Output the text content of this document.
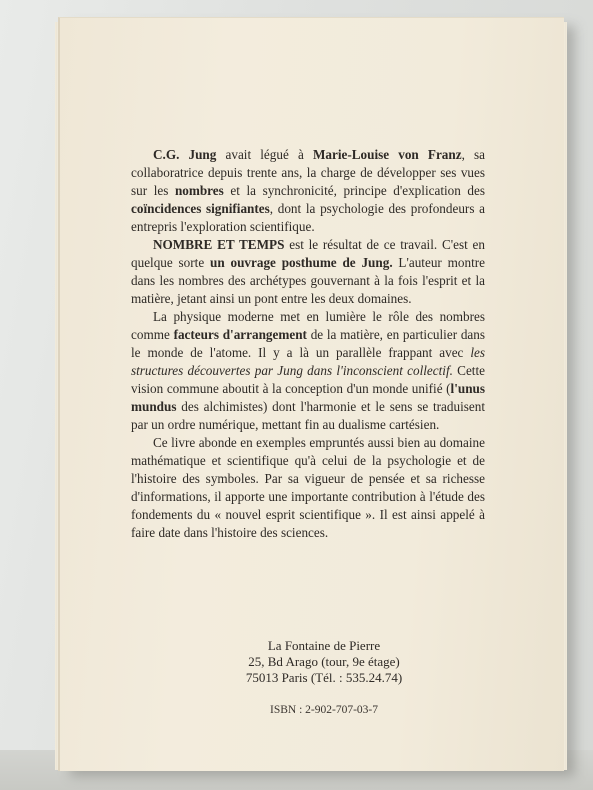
C.G. Jung avait légué à Marie-Louise von Franz, sa collaboratrice depuis trente ans, la charge de développer ses vues sur les nombres et la synchronicité, principe d'explication des coïncidences signifiantes, dont la psychologie des profondeurs a entrepris l'exploration scientifique.

NOMBRE ET TEMPS est le résultat de ce travail. C'est en quelque sorte un ouvrage posthume de Jung. L'auteur montre dans les nombres des archétypes gouvernant à la fois l'esprit et la matière, jetant ainsi un pont entre les deux domaines.

La physique moderne met en lumière le rôle des nombres comme facteurs d'arrangement de la matière, en particulier dans le monde de l'atome. Il y a là un parallèle frappant avec les structures découvertes par Jung dans l'inconscient collectif. Cette vision commune aboutit à la conception d'un monde unifié (l'unus mundus des alchimistes) dont l'harmonie et le sens se traduisent par un ordre numérique, mettant fin au dualisme cartésien.

Ce livre abonde en exemples empruntés aussi bien au domaine mathématique et scientifique qu'à celui de la psychologie et de l'histoire des symboles. Par sa vigueur de pensée et sa richesse d'informations, il apporte une importante contribution à l'étude des fondements du « nouvel esprit scientifique ». Il est ainsi appelé à faire date dans l'histoire des sciences.

La Fontaine de Pierre
25, Bd Arago (tour, 9e étage)
75013 Paris (Tél. : 535.24.74)
ISBN : 2-902-707-03-7
